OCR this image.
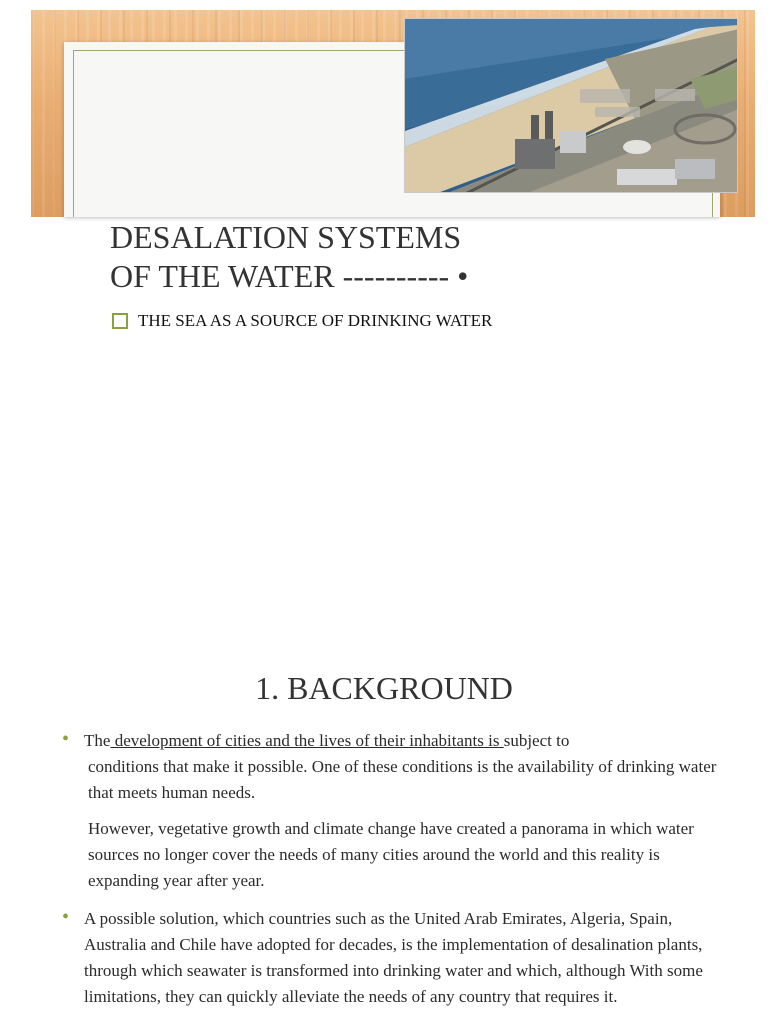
DESALATION SYSTEMS
OF THE WATER ---------- •
THE SEA AS A SOURCE OF DRINKING WATER
1. BACKGROUND
• The development of cities and the lives of their inhabitants is subject to

conditions that make it possible. One of these conditions is the availability of drinking water that meets human needs.

However, vegetative growth and climate change have created a panorama in which water sources no longer cover the needs of many cities around the world and this reality is expanding year after year.

• A possible solution, which countries such as the United Arab Emirates, Algeria, Spain, Australia and Chile have adopted for decades, is the implementation of desalination plants, through which seawater is transformed into drinking water and which, although With some limitations, they can quickly alleviate the needs of any country that requires it.
